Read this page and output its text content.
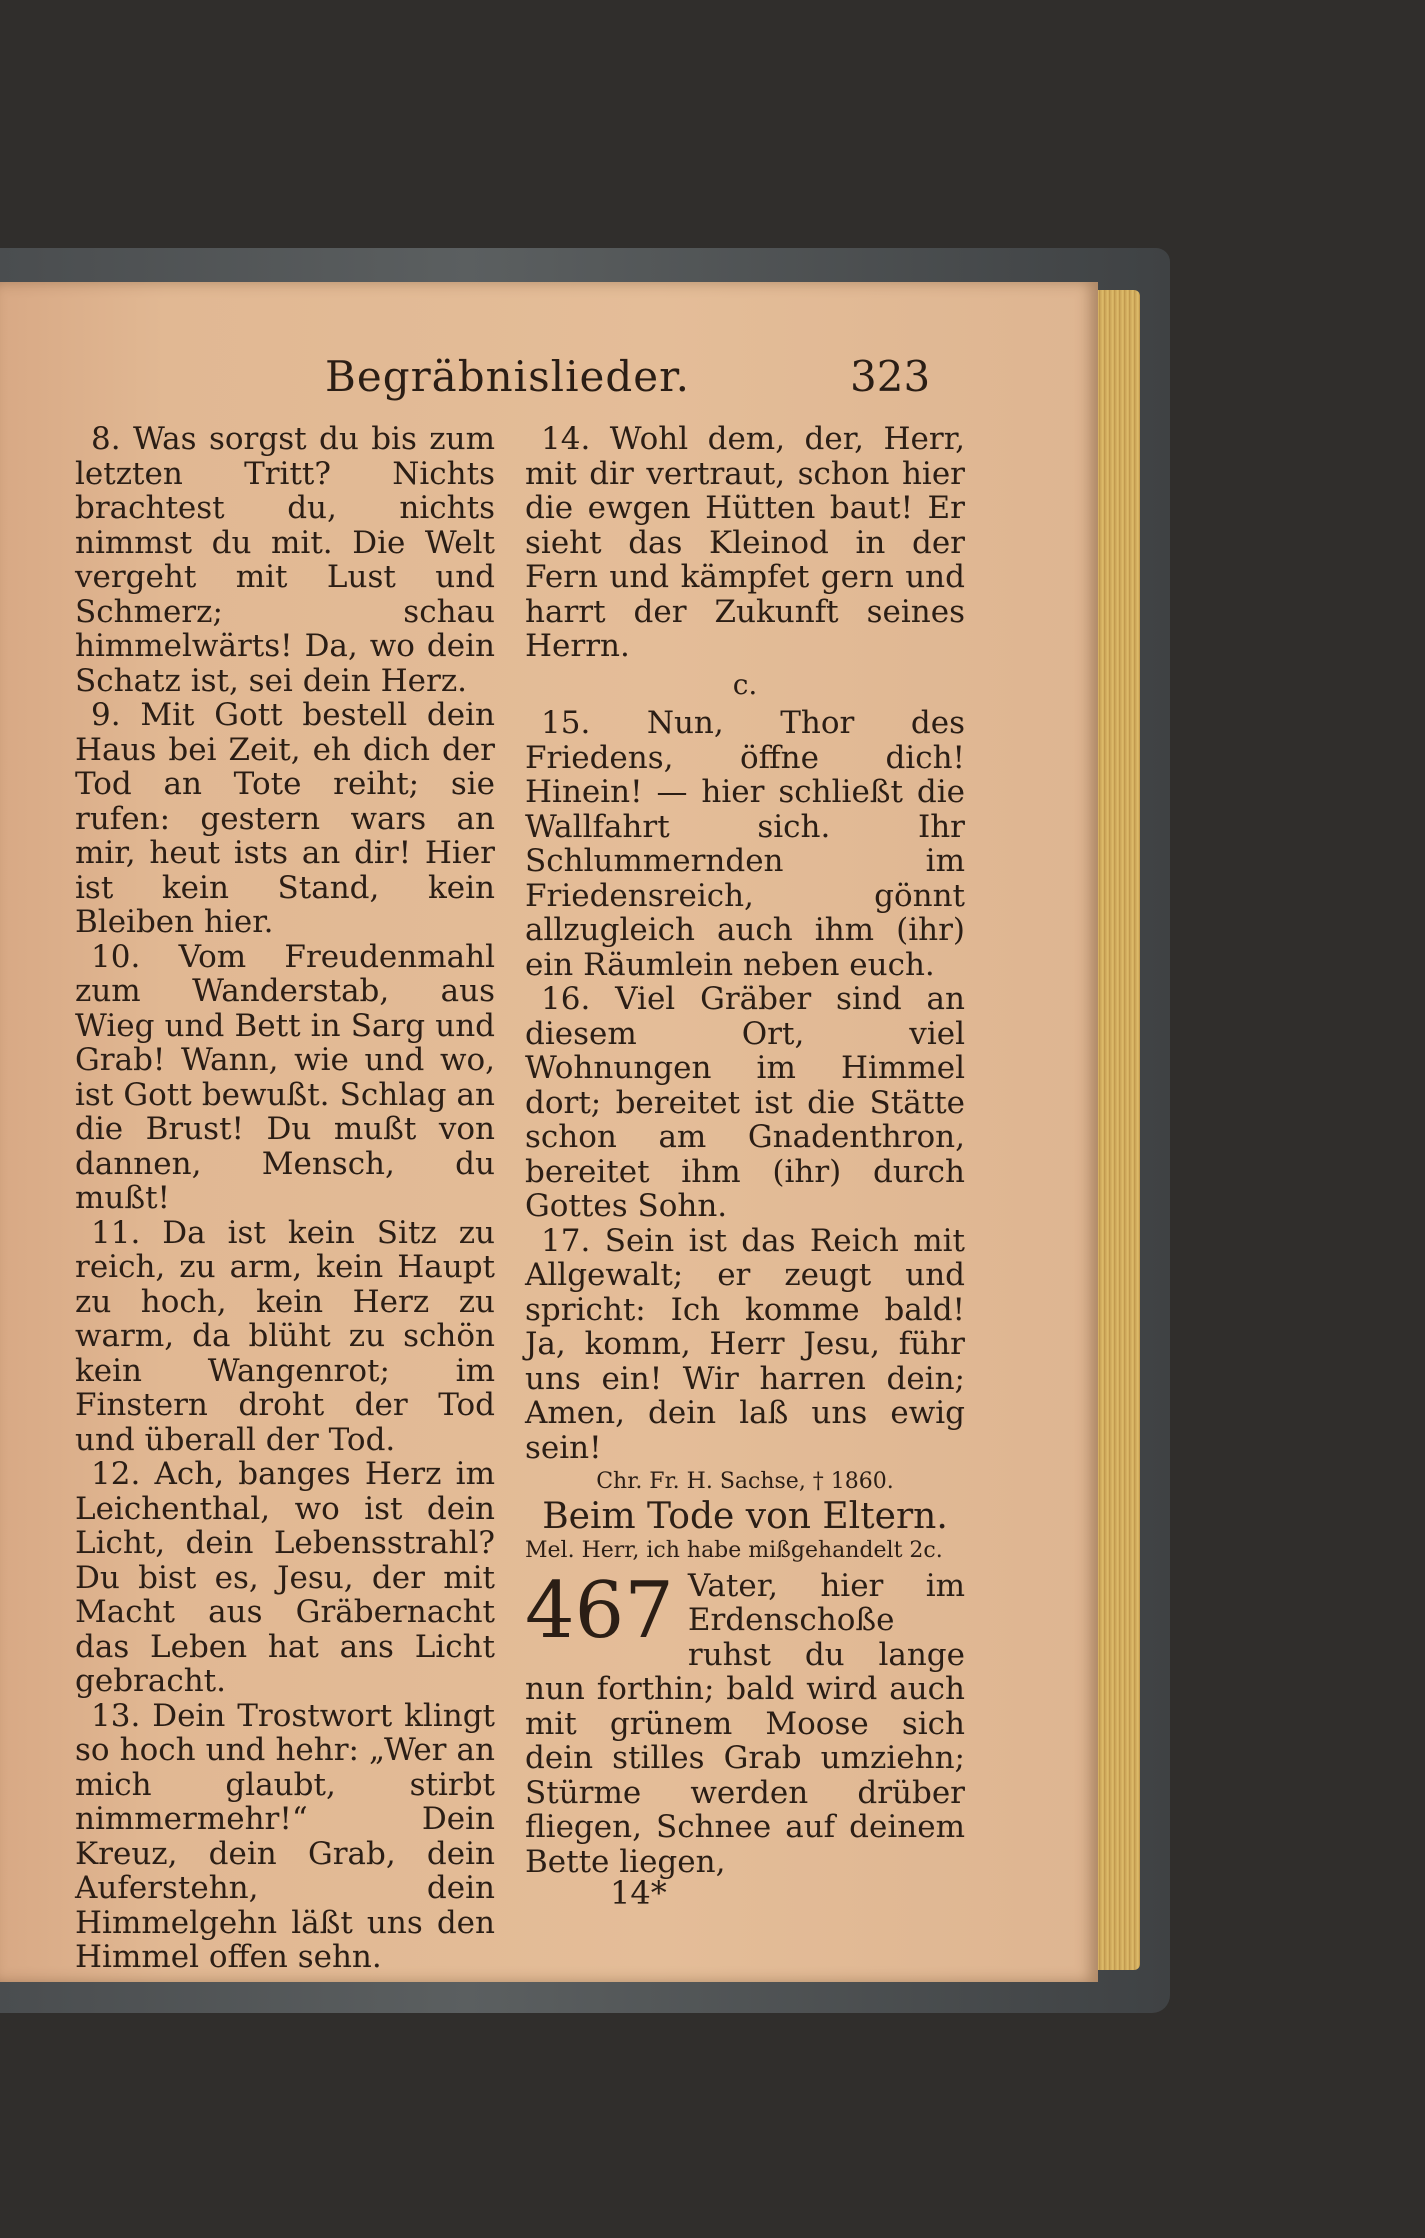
Begräbnislieder.	323

8. Was sorgst du bis zum letzten Tritt? Nichts brachtest du, nichts nimmst du mit. Die Welt vergeht mit Lust und Schmerz; schau himmelwärts! Da, wo dein Schatz ist, sei dein Herz.

9. Mit Gott bestell dein Haus bei Zeit, eh dich der Tod an Tote reiht; sie rufen: gestern wars an mir, heut ists an dir! Hier ist kein Stand, kein Bleiben hier.

10. Vom Freudenmahl zum Wanderstab, aus Wieg und Bett in Sarg und Grab! Wann, wie und wo, ist Gott bewußt. Schlag an die Brust! Du mußt von dannen, Mensch, du mußt!

11. Da ist kein Sitz zu reich, zu arm, kein Haupt zu hoch, kein Herz zu warm, da blüht zu schön kein Wangenrot; im Finstern droht der Tod und überall der Tod.

12. Ach, banges Herz im Leichenthal, wo ist dein Licht, dein Lebensstrahl? Du bist es, Jesu, der mit Macht aus Gräbernacht das Leben hat ans Licht gebracht.

13. Dein Trostwort klingt so hoch und hehr: „Wer an mich glaubt, stirbt nimmermehr!“ Dein Kreuz, dein Grab, dein Auferstehn, dein Himmelgehn läßt uns den Himmel offen sehn.

14. Wohl dem, der, Herr, mit dir vertraut, schon hier die ewgen Hütten baut! Er sieht das Kleinod in der Fern und kämpfet gern und harrt der Zukunft seines Herrn.

c.

15. Nun, Thor des Friedens, öffne dich! Hinein! — hier schließt die Wallfahrt sich. Ihr Schlummernden im Friedensreich, gönnt allzugleich auch ihm (ihr) ein Räumlein neben euch.

16. Viel Gräber sind an diesem Ort, viel Wohnungen im Himmel dort; bereitet ist die Stätte schon am Gnadenthron, bereitet ihm (ihr) durch Gottes Sohn.

17. Sein ist das Reich mit Allgewalt; er zeugt und spricht: Ich komme bald! Ja, komm, Herr Jesu, führ uns ein! Wir harren dein; Amen, dein laß uns ewig sein!

Chr. Fr. H. Sachse, † 1860.

Beim Tode von Eltern.

Mel. Herr, ich habe mißgehandelt 2c.

467 Vater, hier im Erdenschoße ruhst du lange nun forthin; bald wird auch mit grünem Moose sich dein stilles Grab umziehn; Stürme werden drüber fliegen, Schnee auf deinem Bette liegen,

14*
